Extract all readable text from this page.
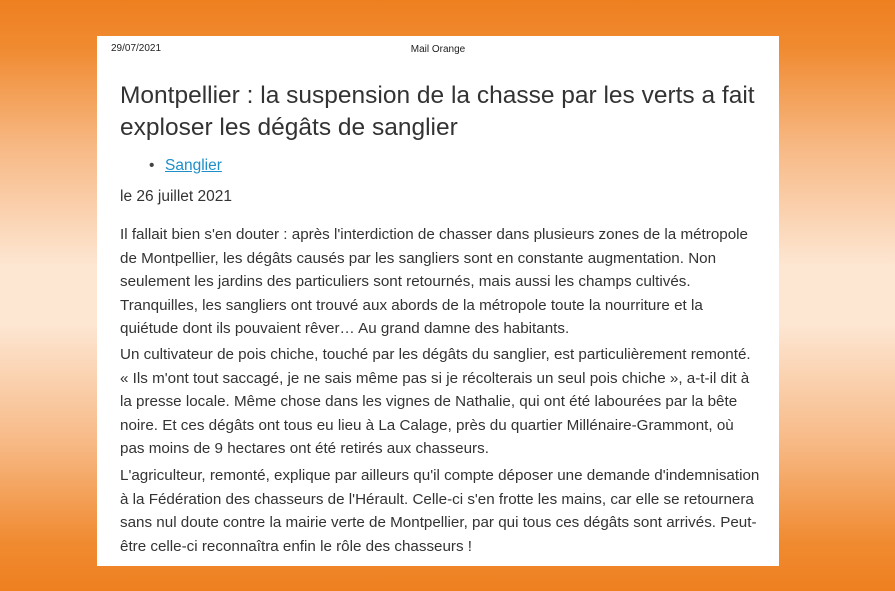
29/07/2021	Mail Orange
Montpellier : la suspension de la chasse par les verts a fait exploser les dégâts de sanglier
• Sanglier
le 26 juillet 2021

Il fallait bien s'en douter : après l'interdiction de chasser dans plusieurs zones de la métropole de Montpellier, les dégâts causés par les sangliers sont en constante augmentation. Non seulement les jardins des particuliers sont retournés, mais aussi les champs cultivés. Tranquilles, les sangliers ont trouvé aux abords de la métropole toute la nourriture et la quiétude dont ils pouvaient rêver… Au grand damne des habitants.

Un cultivateur de pois chiche, touché par les dégâts du sanglier, est particulièrement remonté. « Ils m'ont tout saccagé, je ne sais même pas si je récolterais un seul pois chiche », a-t-il dit à la presse locale. Même chose dans les vignes de Nathalie, qui ont été labourées par la bête noire. Et ces dégâts ont tous eu lieu à La Calage, près du quartier Millénaire-Grammont, où pas moins de 9 hectares ont été retirés aux chasseurs.

L'agriculteur, remonté, explique par ailleurs qu'il compte déposer une demande d'indemnisation à la Fédération des chasseurs de l'Hérault. Celle-ci s'en frotte les mains, car elle se retournera sans nul doute contre la mairie verte de Montpellier, par qui tous ces dégâts sont arrivés. Peut-être celle-ci reconnaîtra enfin le rôle des chasseurs !
